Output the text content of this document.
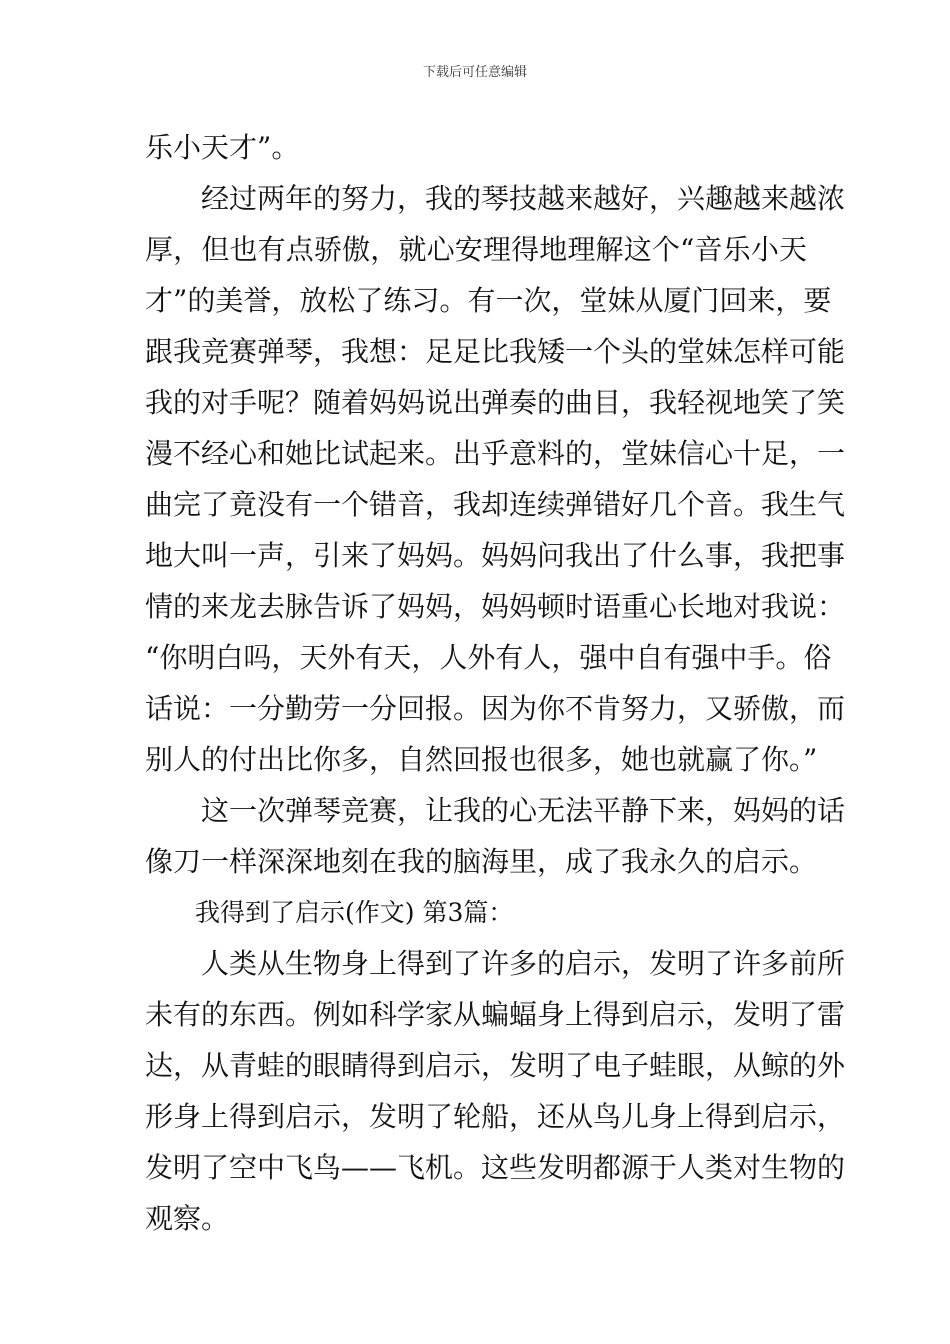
下载后可任意编辑
乐小天才”。
经过两年的努力，我的琴技越来越好，兴趣越来越浓
厚，但也有点骄傲，就心安理得地理解这个“音乐小天
才”的美誉，放松了练习。有一次，堂妹从厦门回来，要
跟我竞赛弹琴，我想：足足比我矮一个头的堂妹怎样可能
我的对手呢？随着妈妈说出弹奏的曲目，我轻视地笑了笑
漫不经心和她比试起来。出乎意料的，堂妹信心十足，一
曲完了竟没有一个错音，我却连续弹错好几个音。我生气
地大叫一声，引来了妈妈。妈妈问我出了什么事，我把事
情的来龙去脉告诉了妈妈，妈妈顿时语重心长地对我说：
“你明白吗，天外有天，人外有人，强中自有强中手。俗
话说：一分勤劳一分回报。因为你不肯努力，又骄傲，而
别人的付出比你多，自然回报也很多，她也就赢了你。”
这一次弹琴竞赛，让我的心无法平静下来，妈妈的话
像刀一样深深地刻在我的脑海里，成了我永久的启示。
我得到了启示(作文) 第3篇：
人类从生物身上得到了许多的启示，发明了许多前所
未有的东西。例如科学家从蝙蝠身上得到启示，发明了雷
达，从青蛙的眼睛得到启示，发明了电子蛙眼，从鲸的外
形身上得到启示，发明了轮船，还从鸟儿身上得到启示，
发明了空中飞鸟——飞机。这些发明都源于人类对生物的
观察。
